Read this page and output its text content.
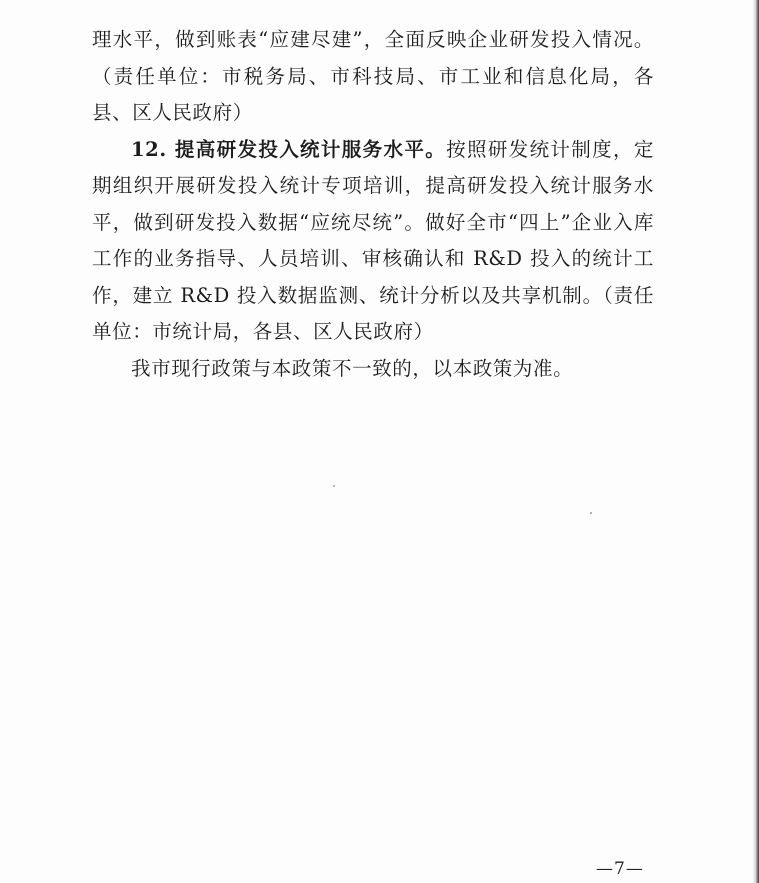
理水平，做到账表“应建尽建”，全面反映企业研发投入情况。（责任单位：市税务局、市科技局、市工业和信息化局，各县、区人民政府）

12. 提高研发投入统计服务水平。按照研发统计制度，定期组织开展研发投入统计专项培训，提高研发投入统计服务水平，做到研发投入数据“应统尽统”。做好全市“四上”企业入库工作的业务指导、人员培训、审核确认和 R&D 投入的统计工作，建立 R&D 投入数据监测、统计分析以及共享机制。（责任单位：市统计局，各县、区人民政府）

我市现行政策与本政策不一致的，以本政策为准。

—7—
